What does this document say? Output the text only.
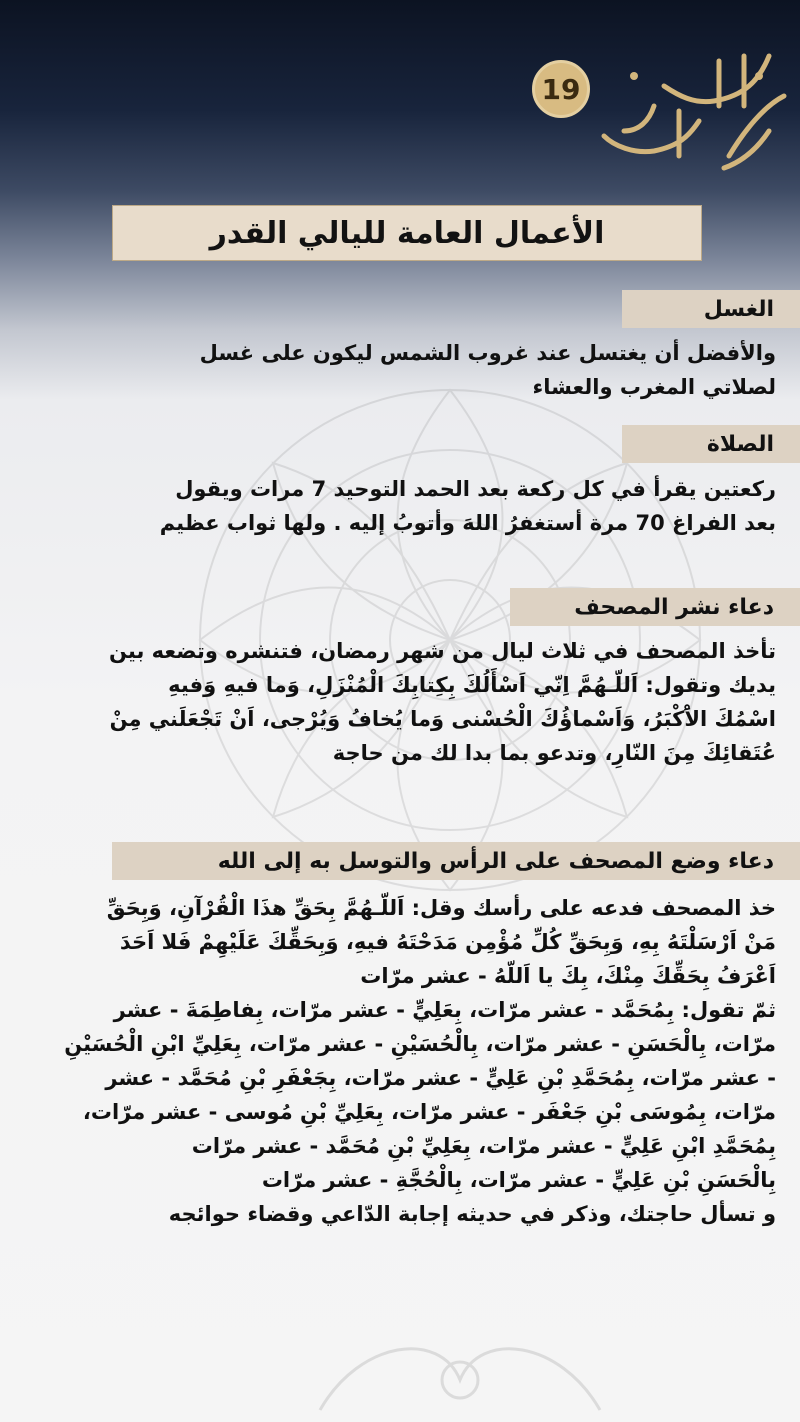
19
الأعمال العامة لليالي القدر
الغسل
والأفضل أن يغتسل عند غروب الشمس ليكون على غسل
لصلاتي المغرب والعشاء
الصلاة
ركعتين يقرأ في كل ركعة بعد الحمد التوحيد 7 مرات ويقول
بعد الفراغ 70 مرة أستغفرُ اللهَ وأتوبُ إليه . ولها ثواب عظيم
دعاء نشر المصحف
تأخذ المصحف في ثلاث ليال من شهر رمضان، فتنشره وتضعه بين
يديك وتقول: اَللّـهُمَّ اِنّي اَسْأَلُكَ بِكِتابِكَ الْمُنْزَلِ، وَما فيهِ وَفيهِ
اسْمُكَ الاَْكْبَرُ، وَاَسْماؤُكَ الْحُسْنى وَما يُخافُ وَيُرْجى، اَنْ تَجْعَلَني مِنْ
عُتَقائِكَ مِنَ النّارِ، وتدعو بما بدا لك من حاجة
دعاء وضع المصحف على الرأس والتوسل به إلى الله
خذ المصحف فدعه على رأسك وقل: اَللّـهُمَّ بِحَقِّ هذَا الْقُرْآنِ، وَبِحَقِّ
مَنْ اَرْسَلْتَهُ بِهِ، وَبِحَقِّ كُلِّ مُؤْمِن مَدَحْتَهُ فيهِ، وَبِحَقِّكَ عَلَيْهِمْ فَلا اَحَدَ
اَعْرَفُ بِحَقِّكَ مِنْكَ، بِكَ يا اَللّهُ - عشر مرّات
ثمّ تقول: بِمُحَمَّد - عشر مرّات، بِعَلِيٍّ - عشر مرّات، بِفاطِمَةَ - عشر
مرّات، بِالْحَسَنِ - عشر مرّات، بِالْحُسَيْنِ - عشر مرّات، بِعَلِيِّ ابْنِ الْحُسَيْنِ
- عشر مرّات، بِمُحَمَّدِ بْنِ عَلِيٍّ - عشر مرّات، بِجَعْفَرِ بْنِ مُحَمَّد - عشر
مرّات، بِمُوسَى بْنِ جَعْفَر - عشر مرّات، بِعَلِيِّ بْنِ مُوسى - عشر مرّات،
بِمُحَمَّدِ ابْنِ عَلِيٍّ - عشر مرّات، بِعَلِيِّ بْنِ مُحَمَّد - عشر مرّات
بِالْحَسَنِ بْنِ عَلِيٍّ - عشر مرّات، بِالْحُجَّةِ - عشر مرّات
و تسأل حاجتك، وذكر في حديثه إجابة الدّاعي وقضاء حوائجه
